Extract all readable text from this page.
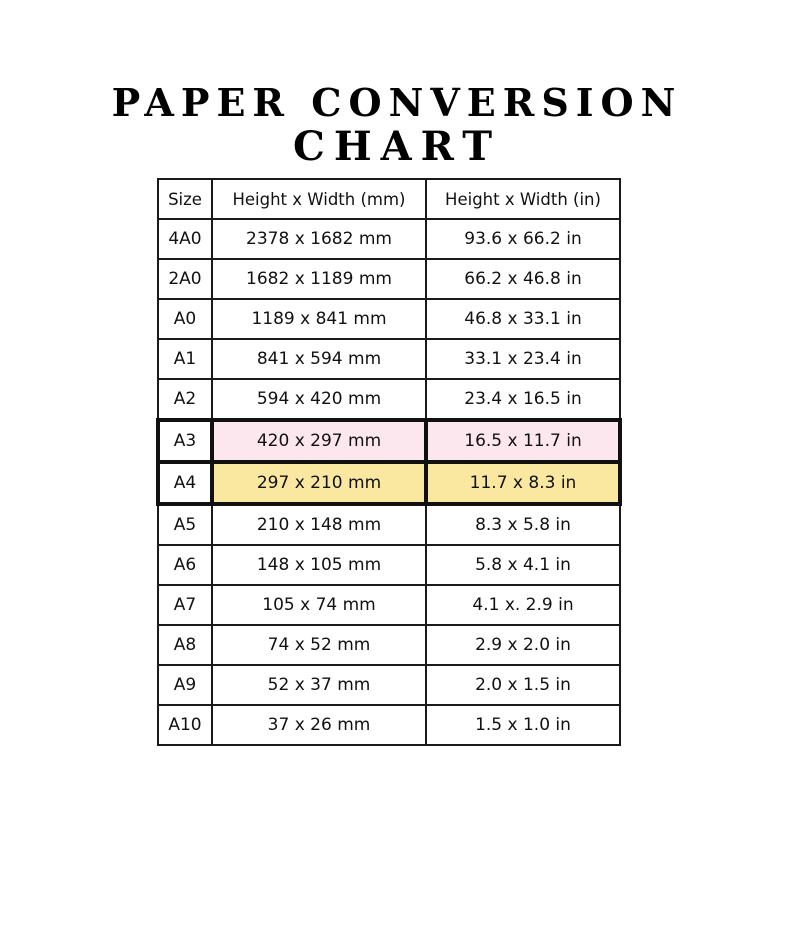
PAPER CONVERSION
CHART
Size	Height x Width (mm)	Height x Width (in)
4A0	2378 x 1682 mm	93.6 x 66.2 in
2A0	1682 x 1189 mm	66.2 x 46.8 in
A0	1189 x 841 mm	46.8 x 33.1 in
A1	841 x 594 mm	33.1 x 23.4 in
A2	594 x 420 mm	23.4 x 16.5 in
A3	420 x 297 mm	16.5 x 11.7 in
A4	297 x 210 mm	11.7 x 8.3 in
A5	210 x 148 mm	8.3 x 5.8 in
A6	148 x 105 mm	5.8 x 4.1 in
A7	105 x 74 mm	4.1 x. 2.9 in
A8	74 x 52 mm	2.9 x 2.0 in
A9	52 x 37 mm	2.0 x 1.5 in
A10	37 x 26 mm	1.5 x 1.0 in
